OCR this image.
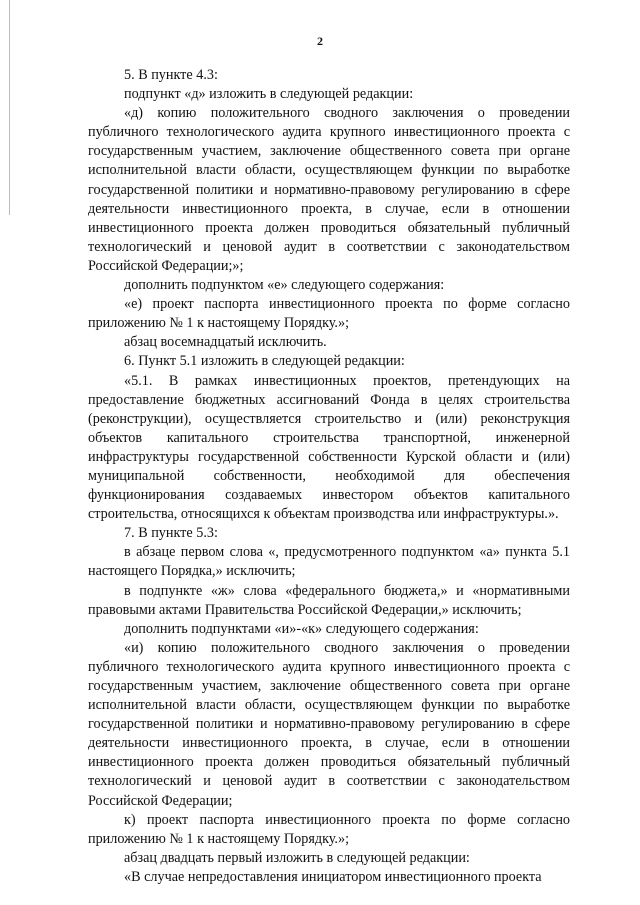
2

5. В пункте 4.3:

подпункт «д» изложить в следующей редакции:

«д) копию положительного сводного заключения о проведении публичного технологического аудита крупного инвестиционного проекта с государственным участием, заключение общественного совета при органе исполнительной власти области, осуществляющем функции по выработке государственной политики и нормативно-правовому регулированию в сфере деятельности инвестиционного проекта, в случае, если в отношении инвестиционного проекта должен проводиться обязательный публичный технологический и ценовой аудит в соответствии с законодательством Российской Федерации;»;

дополнить подпунктом «е» следующего содержания:

«е) проект паспорта инвестиционного проекта по форме согласно приложению № 1 к настоящему Порядку.»;

абзац восемнадцатый исключить.

6. Пункт 5.1 изложить в следующей редакции:

«5.1. В рамках инвестиционных проектов, претендующих на предоставление бюджетных ассигнований Фонда в целях строительства (реконструкции), осуществляется строительство и (или) реконструкция объектов капитального строительства транспортной, инженерной инфраструктуры государственной собственности Курской области и (или) муниципальной собственности, необходимой для обеспечения функционирования создаваемых инвестором объектов капитального строительства, относящихся к объектам производства или инфраструктуры.».

7. В пункте 5.3:

в абзаце первом слова «, предусмотренного подпунктом «а» пункта 5.1 настоящего Порядка,» исключить;

в подпункте «ж» слова «федерального бюджета,» и «нормативными правовыми актами Правительства Российской Федерации,» исключить;

дополнить подпунктами «и»-«к» следующего содержания:

«и) копию положительного сводного заключения о проведении публичного технологического аудита крупного инвестиционного проекта с государственным участием, заключение общественного совета при органе исполнительной власти области, осуществляющем функции по выработке государственной политики и нормативно-правовому регулированию в сфере деятельности инвестиционного проекта, в случае, если в отношении инвестиционного проекта должен проводиться обязательный публичный технологический и ценовой аудит в соответствии с законодательством Российской Федерации;

к) проект паспорта инвестиционного проекта по форме согласно приложению № 1 к настоящему Порядку.»;

абзац двадцать первый изложить в следующей редакции:

«В случае непредоставления инициатором инвестиционного проекта
